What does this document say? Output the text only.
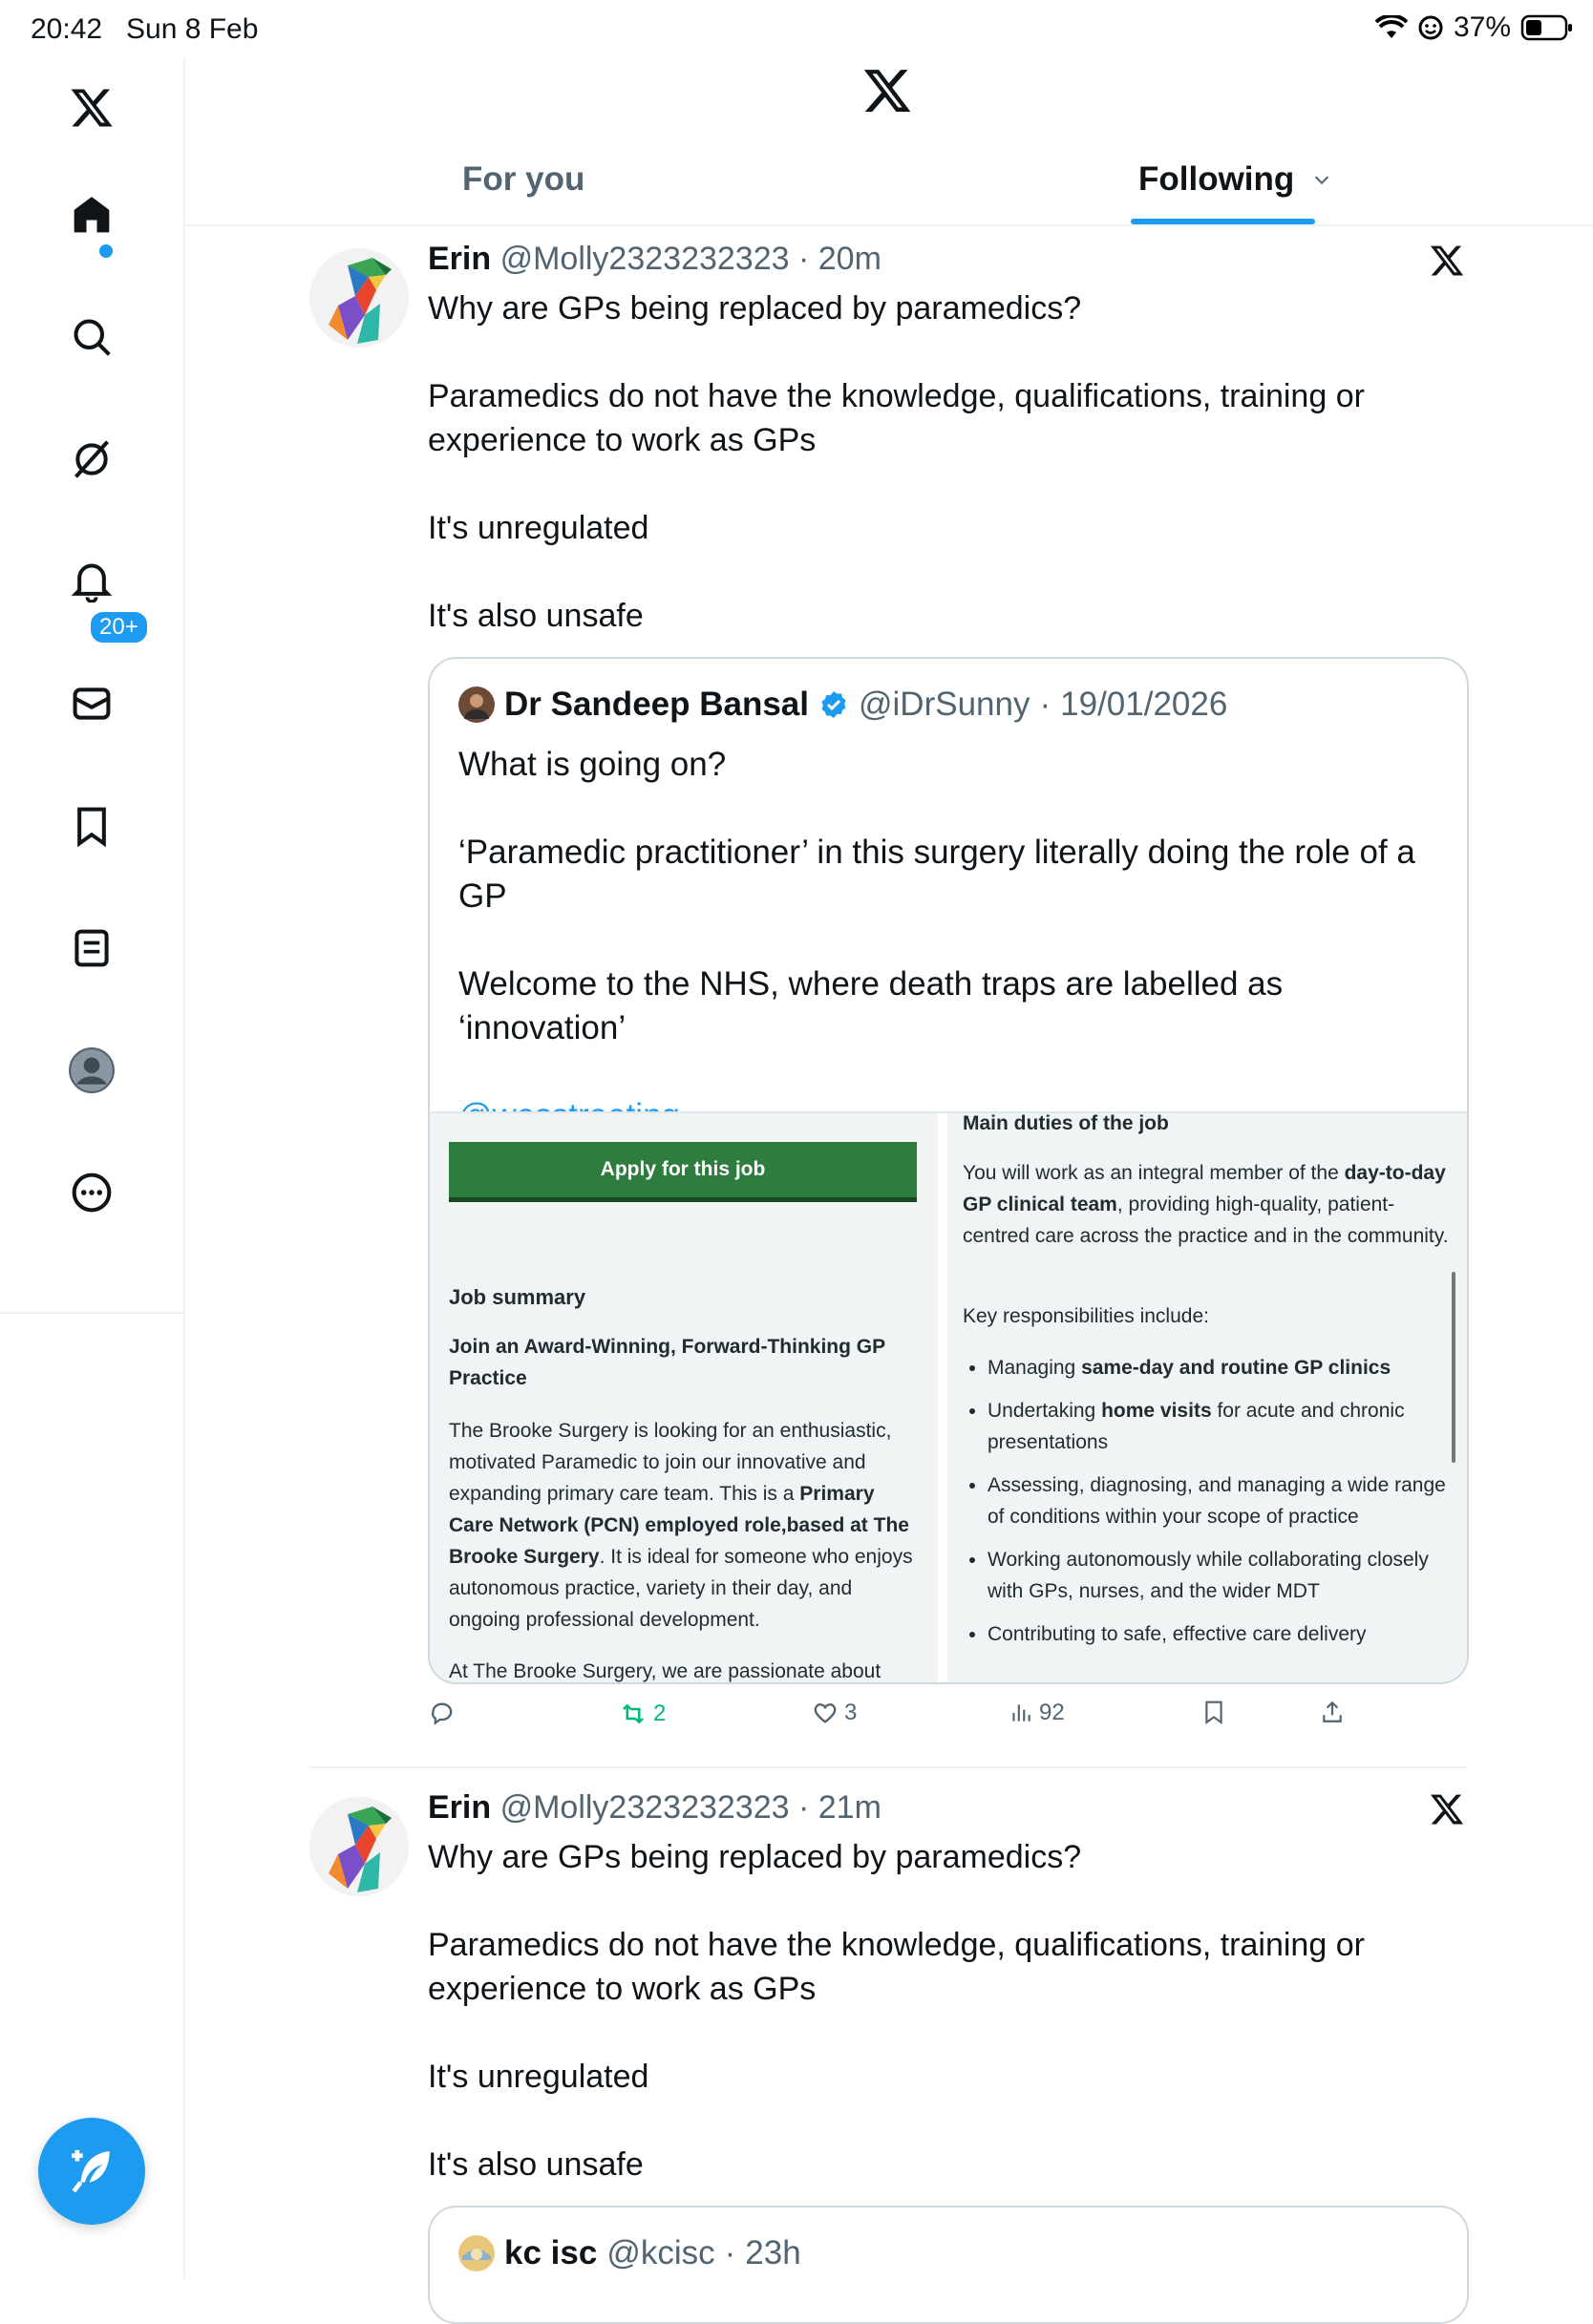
20:42 Sun 8 Feb	37%
20+
For you	Following
Erin @Molly2323232323 · 20m

Why are GPs being replaced by paramedics?

Paramedics do not have the knowledge, qualifications, training or experience to work as GPs

It's unregulated

It's also unsafe

Dr Sandeep Bansal @iDrSunny · 19/01/2026

What is going on?

‘Paramedic practitioner’ in this surgery literally doing the role of a GP

Welcome to the NHS, where death traps are labelled as ‘innovation’

Apply for this job
Job summary
Join an Award-Winning, Forward-Thinking GP Practice
The Brooke Surgery is looking for an enthusiastic, motivated Paramedic to join our innovative and expanding primary care team. This is a Primary Care Network (PCN) employed role,based at The Brooke Surgery. It is ideal for someone who enjoys autonomous practice, variety in their day, and ongoing professional development.
At The Brooke Surgery, we are passionate about
Main duties of the job
You will work as an integral member of the day-to-day GP clinical team, providing high-quality, patient-centred care across the practice and in the community.
Key responsibilities include:
• Managing same-day and routine GP clinics
• Undertaking home visits for acute and chronic presentations
• Assessing, diagnosing, and managing a wide range of conditions within your scope of practice
• Working autonomously while collaborating closely with GPs, nurses, and the wider MDT
• Contributing to safe, effective care delivery
2	3	92
Erin @Molly2323232323 · 21m

Why are GPs being replaced by paramedics?

Paramedics do not have the knowledge, qualifications, training or experience to work as GPs

It's unregulated

It's also unsafe

kc isc @kcisc · 23h
